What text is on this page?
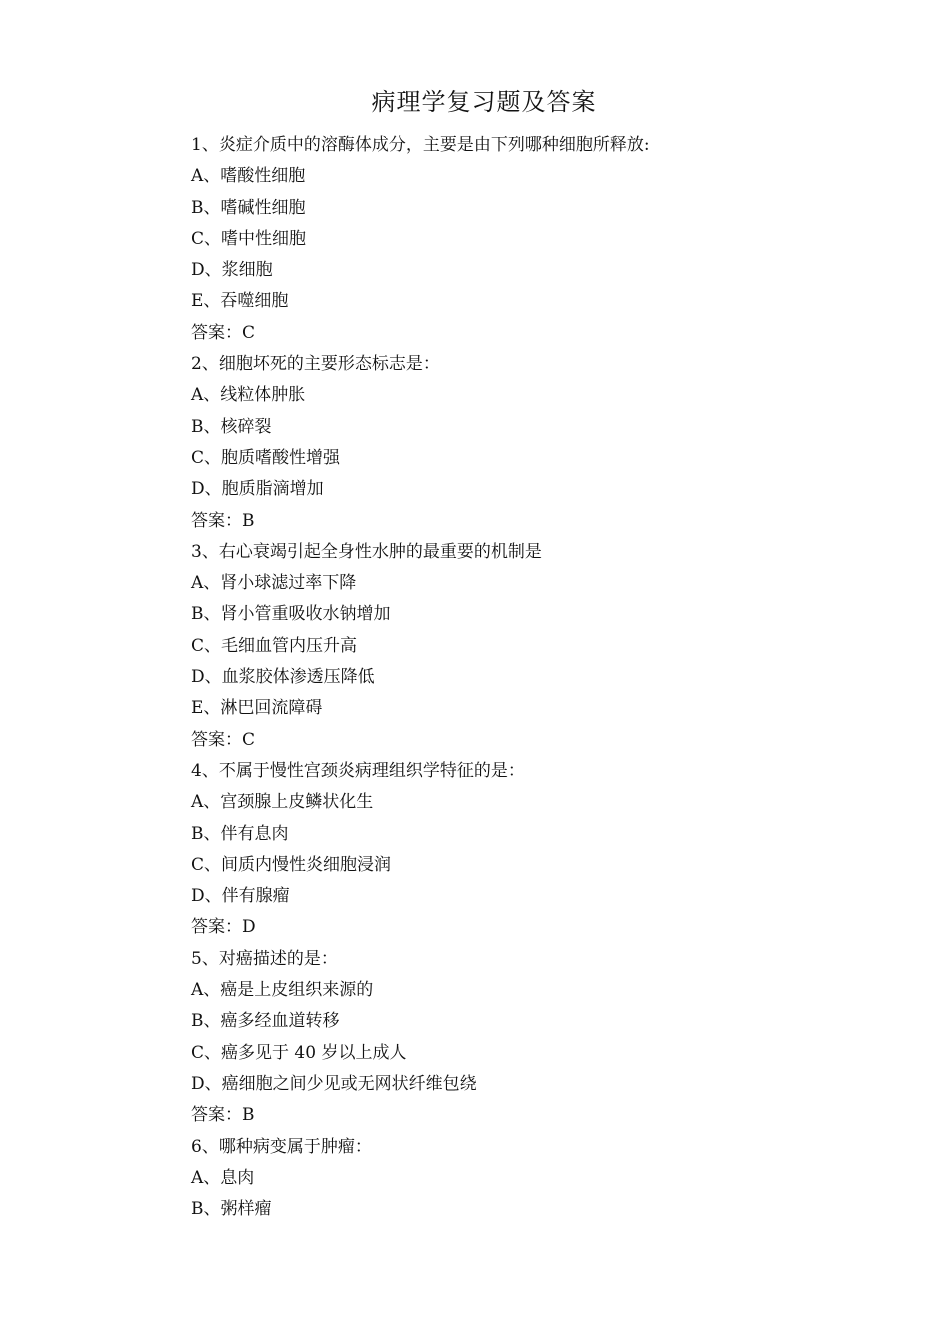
病理学复习题及答案
1、炎症介质中的溶酶体成分，主要是由下列哪种细胞所释放:
A、嗜酸性细胞
B、嗜碱性细胞
C、嗜中性细胞
D、浆细胞
E、吞噬细胞
答案：C
2、细胞坏死的主要形态标志是：
A、线粒体肿胀
B、核碎裂
C、胞质嗜酸性增强
D、胞质脂滴增加
答案：B
3、右心衰竭引起全身性水肿的最重要的机制是
A、肾小球滤过率下降
B、肾小管重吸收水钠增加
C、毛细血管内压升高
D、血浆胶体渗透压降低
E、淋巴回流障碍
答案：C
4、不属于慢性宫颈炎病理组织学特征的是：
A、宫颈腺上皮鳞状化生
B、伴有息肉
C、间质内慢性炎细胞浸润
D、伴有腺瘤
答案：D
5、对癌描述的是：
A、癌是上皮组织来源的
B、癌多经血道转移
C、癌多见于 40 岁以上成人
D、癌细胞之间少见或无网状纤维包绕
答案：B
6、哪种病变属于肿瘤：
A、息肉
B、粥样瘤
